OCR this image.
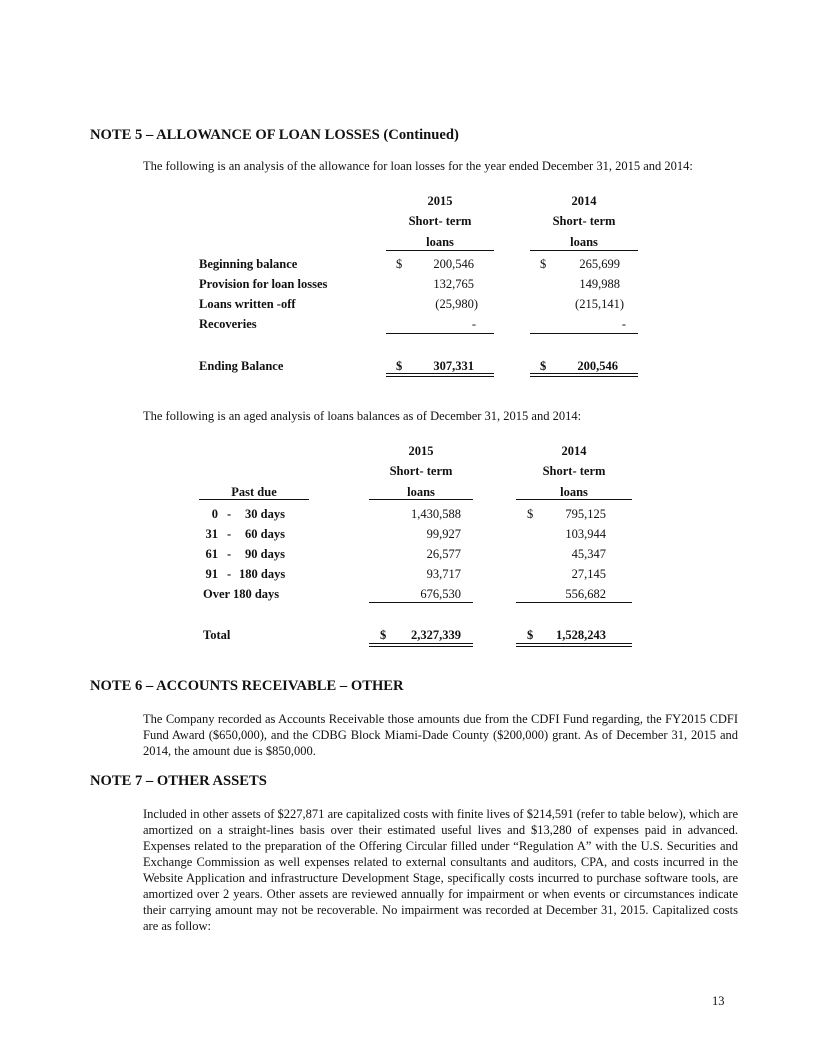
NOTE 5 – ALLOWANCE OF LOAN LOSSES (Continued)
The following is an analysis of the allowance for loan losses for the year ended December 31, 2015 and 2014:
2015
Short- term
loans
2014
Short- term
loans
Beginning balance	$	200,546	$	265,699
Provision for loan losses	132,765	149,988
Loans written -off	(25,980)	(215,141)
Recoveries	-	-
Ending Balance	$	307,331	$	200,546
The following is an aged analysis of loans balances as of December 31, 2015 and 2014:
2015
Short- term
loans
2014
Short- term
loans
Past due
0 - 30 days	1,430,588	$	795,125
31 - 60 days	99,927	103,944
61 - 90 days	26,577	45,347
91 - 180 days	93,717	27,145
Over 180 days	676,530	556,682
Total	$	2,327,339	$	1,528,243
NOTE 6 – ACCOUNTS RECEIVABLE – OTHER
The Company recorded as Accounts Receivable those amounts due from the CDFI Fund regarding, the FY2015 CDFI Fund Award ($650,000), and the CDBG Block Miami-Dade County ($200,000) grant. As of December 31, 2015 and 2014, the amount due is $850,000.
NOTE 7 – OTHER ASSETS
Included in other assets of $227,871 are capitalized costs with finite lives of $214,591 (refer to table below), which are amortized on a straight-lines basis over their estimated useful lives and $13,280 of expenses paid in advanced. Expenses related to the preparation of the Offering Circular filled under “Regulation A” with the U.S. Securities and Exchange Commission as well expenses related to external consultants and auditors, CPA, and costs incurred in the Website Application and infrastructure Development Stage, specifically costs incurred to purchase software tools, are amortized over 2 years. Other assets are reviewed annually for impairment or when events or circumstances indicate their carrying amount may not be recoverable. No impairment was recorded at December 31, 2015. Capitalized costs are as follow:
13
